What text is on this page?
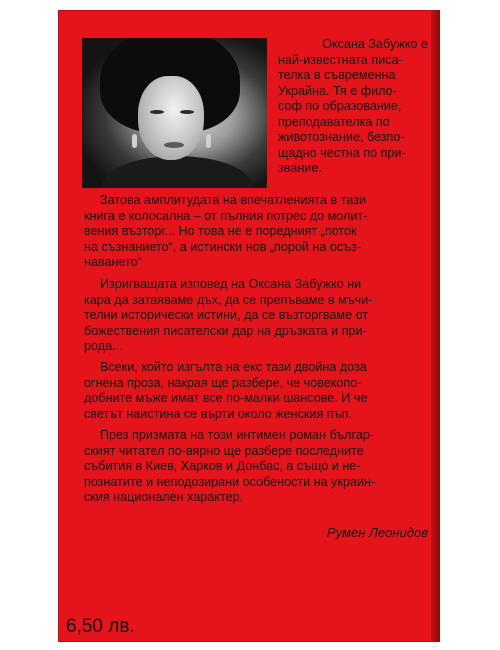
Оксана Забужко е
най-известната писа-
телка в съвременна
Украйна. Тя е фило-
соф по образование,
преподавателка по
животознание, безпо-
щадно честна по при-
звание.
Затова амплитудата на впечатленията в тази
книга е колосална – от пълния потрес до молит-
вения възторг... Но това не е поредният „поток
на съзнанието“, а истински нов „порой на осъз-
наването“
Изригващата изповед на Оксана Забужко ни
кара да затаяваме дъх, да се препъваме в мъчи-
телни исторически истини, да се възторгваме от
божествения писателски дар на дръзката и при-
рода...
Всеки, който изгълта на екс тази двойна доза
огнена проза, накрая ще разбере, че човекопо-
добните мъже имат все по-малки шансове. И че
светът наистина се върти около женския пъп.
През призмата на този интимен роман българ-
ският читател по-вярно ще разбере последните
събития в Киев, Харков и Донбас, а също и не-
познатите и неподозирани особености на украин-
ския национален характер.
Румен Леонидов
6,50 лв.
